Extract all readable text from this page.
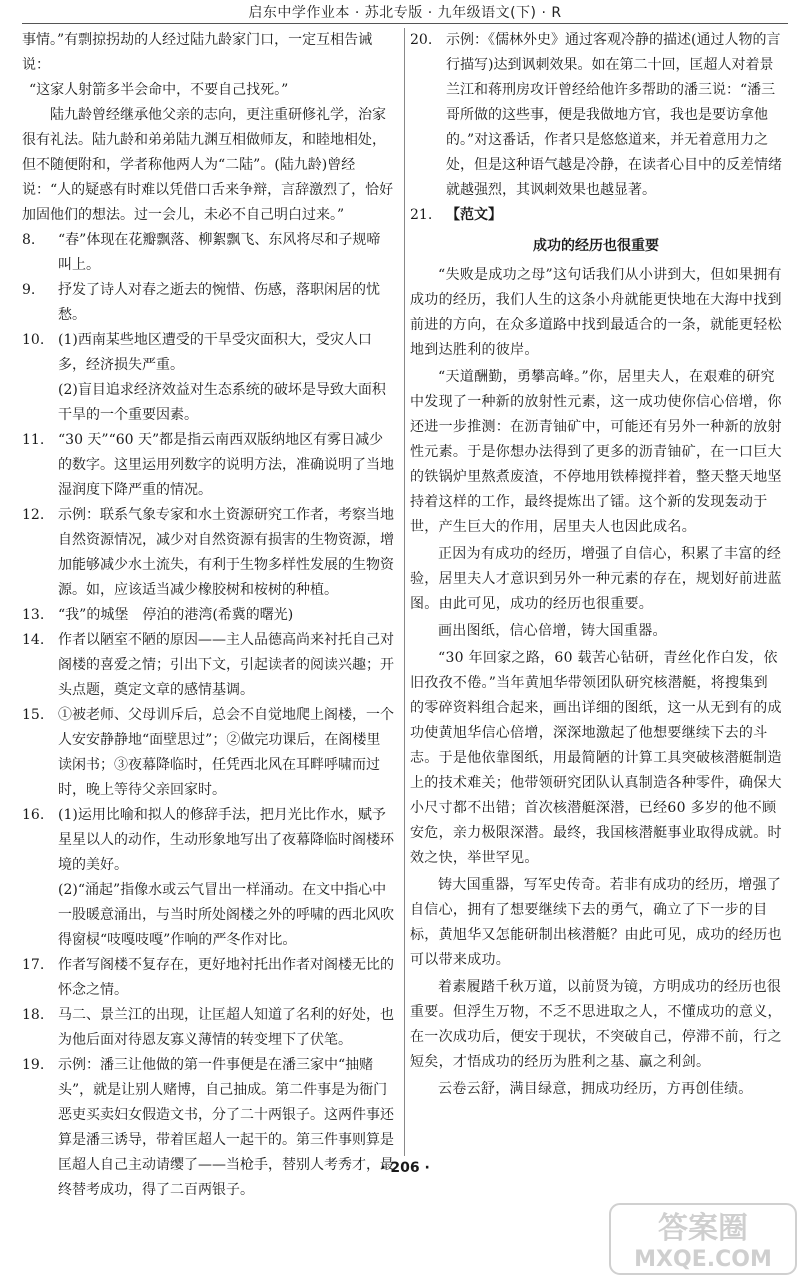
启东中学作业本 · 苏北专版 · 九年级语文(下) · R

事情。”有剽掠拐劫的人经过陆九龄家门口，一定互相告诫说：

“这家人射箭多半会命中，不要自己找死。”

陆九龄曾经继承他父亲的志向，更注重研修礼学，治家很有礼法。陆九龄和弟弟陆九渊互相做师友，和睦地相处，但不随便附和，学者称他两人为“二陆”。(陆九龄)曾经说：“人的疑惑有时难以凭借口舌来争辩，言辞激烈了，恰好加固他们的想法。过一会儿，未必不自己明白过来。”

8.	“春”体现在花瓣飘落、柳絮飘飞、东风将尽和子规啼叫上。

9.	抒发了诗人对春之逝去的惋惜、伤感，落职闲居的忧愁。

10. (1)西南某些地区遭受的干旱受灾面积大，受灾人口多，经济损失严重。

(2)盲目追求经济效益对生态系统的破坏是导致大面积干旱的一个重要因素。

11. “30 天”“60 天”都是指云南西双版纳地区有雾日减少的数字。这里运用列数字的说明方法，准确说明了当地湿润度下降严重的情况。

12. 示例：联系气象专家和水土资源研究工作者，考察当地自然资源情况，减少对自然资源有损害的生物资源，增加能够减少水土流失，有利于生物多样性发展的生物资源。如，应该适当减少橡胶树和桉树的种植。

13. “我”的城堡　停泊的港湾(希冀的曙光)

14. 作者以陋室不陋的原因——主人品德高尚来衬托自己对阁楼的喜爱之情；引出下文，引起读者的阅读兴趣；开头点题，奠定文章的感情基调。

15. ①被老师、父母训斥后，总会不自觉地爬上阁楼，一个人安安静静地“面壁思过”；②做完功课后，在阁楼里读闲书；③夜幕降临时，任凭西北风在耳畔呼啸而过时，晚上等待父亲回家时。

16. (1)运用比喻和拟人的修辞手法，把月光比作水，赋予星星以人的动作，生动形象地写出了夜幕降临时阁楼环境的美好。

(2)“涌起”指像水或云气冒出一样涌动。在文中指心中一股暖意涌出，与当时所处阁楼之外的呼啸的西北风吹得窗棂“吱嘎吱嘎”作响的严冬作对比。

17. 作者写阁楼不复存在，更好地衬托出作者对阁楼无比的怀念之情。

18. 马二、景兰江的出现，让匡超人知道了名利的好处，也为他后面对待恩友寡义薄情的转变埋下了伏笔。

19. 示例：潘三让他做的第一件事便是在潘三家中“抽赌头”，就是让别人赌博，自己抽成。第二件事是为衙门恶吏买卖妇女假造文书，分了二十两银子。这两件事还算是潘三诱导，带着匡超人一起干的。第三件事则算是匡超人自己主动请缨了——当枪手，替别人考秀才，最终替考成功，得了二百两银子。

20. 示例：《儒林外史》通过客观冷静的描述(通过人物的言行描写)达到讽刺效果。如在第二十回，匡超人对着景兰江和蒋刑房攻讦曾经给他许多帮助的潘三说：“潘三哥所做的这些事，便是我做地方官，我也是要访拿他的。”对这番话，作者只是悠悠道来，并无着意用力之处，但是这种语气越是冷静，在读者心目中的反差情绪就越强烈，其讽刺效果也越显著。

21. 【范文】

成功的经历也很重要

“失败是成功之母”这句话我们从小讲到大，但如果拥有成功的经历，我们人生的这条小舟就能更快地在大海中找到前进的方向，在众多道路中找到最适合的一条，就能更轻松地到达胜利的彼岸。

“天道酬勤，勇攀高峰。”你，居里夫人，在艰难的研究中发现了一种新的放射性元素，这一成功使你信心倍增，你还进一步推测：在沥青铀矿中，可能还有另外一种新的放射性元素。于是你想办法得到了更多的沥青铀矿，在一口巨大的铁锅炉里熬煮废渣，不停地用铁棒搅拌着，整天整天地坚持着这样的工作，最终提炼出了镭。这个新的发现轰动于世，产生巨大的作用，居里夫人也因此成名。

正因为有成功的经历，增强了自信心，积累了丰富的经验，居里夫人才意识到另外一种元素的存在，规划好前进蓝图。由此可见，成功的经历也很重要。

画出图纸，信心倍增，铸大国重器。

“30 年回家之路，60 载苦心钻研，青丝化作白发，依旧孜孜不倦。”当年黄旭华带领团队研究核潜艇，将搜集到的零碎资料组合起来，画出详细的图纸，这一从无到有的成功使黄旭华信心倍增，深深地激起了他想要继续下去的斗志。于是他依靠图纸，用最简陋的计算工具突破核潜艇制造上的技术难关；他带领研究团队认真制造各种零件，确保大小尺寸都不出错；首次核潜艇深潜，已经60 多岁的他不顾安危，亲力极限深潜。最终，我国核潜艇事业取得成就。时效之快，举世罕见。

铸大国重器，写军史传奇。若非有成功的经历，增强了自信心，拥有了想要继续下去的勇气，确立了下一步的目标，黄旭华又怎能研制出核潜艇？由此可见，成功的经历也可以带来成功。

着素履踏千秋万道，以前贤为镜，方明成功的经历也很重要。但浮生万物，不乏不思进取之人，不懂成功的意义，在一次成功后，便安于现状，不突破自己，停滞不前，行之短矣，才悟成功的经历为胜利之基、赢之利剑。

云卷云舒，满目绿意，拥成功经历，方再创佳绩。

· 206 ·
答案圈
MXQE.COM
